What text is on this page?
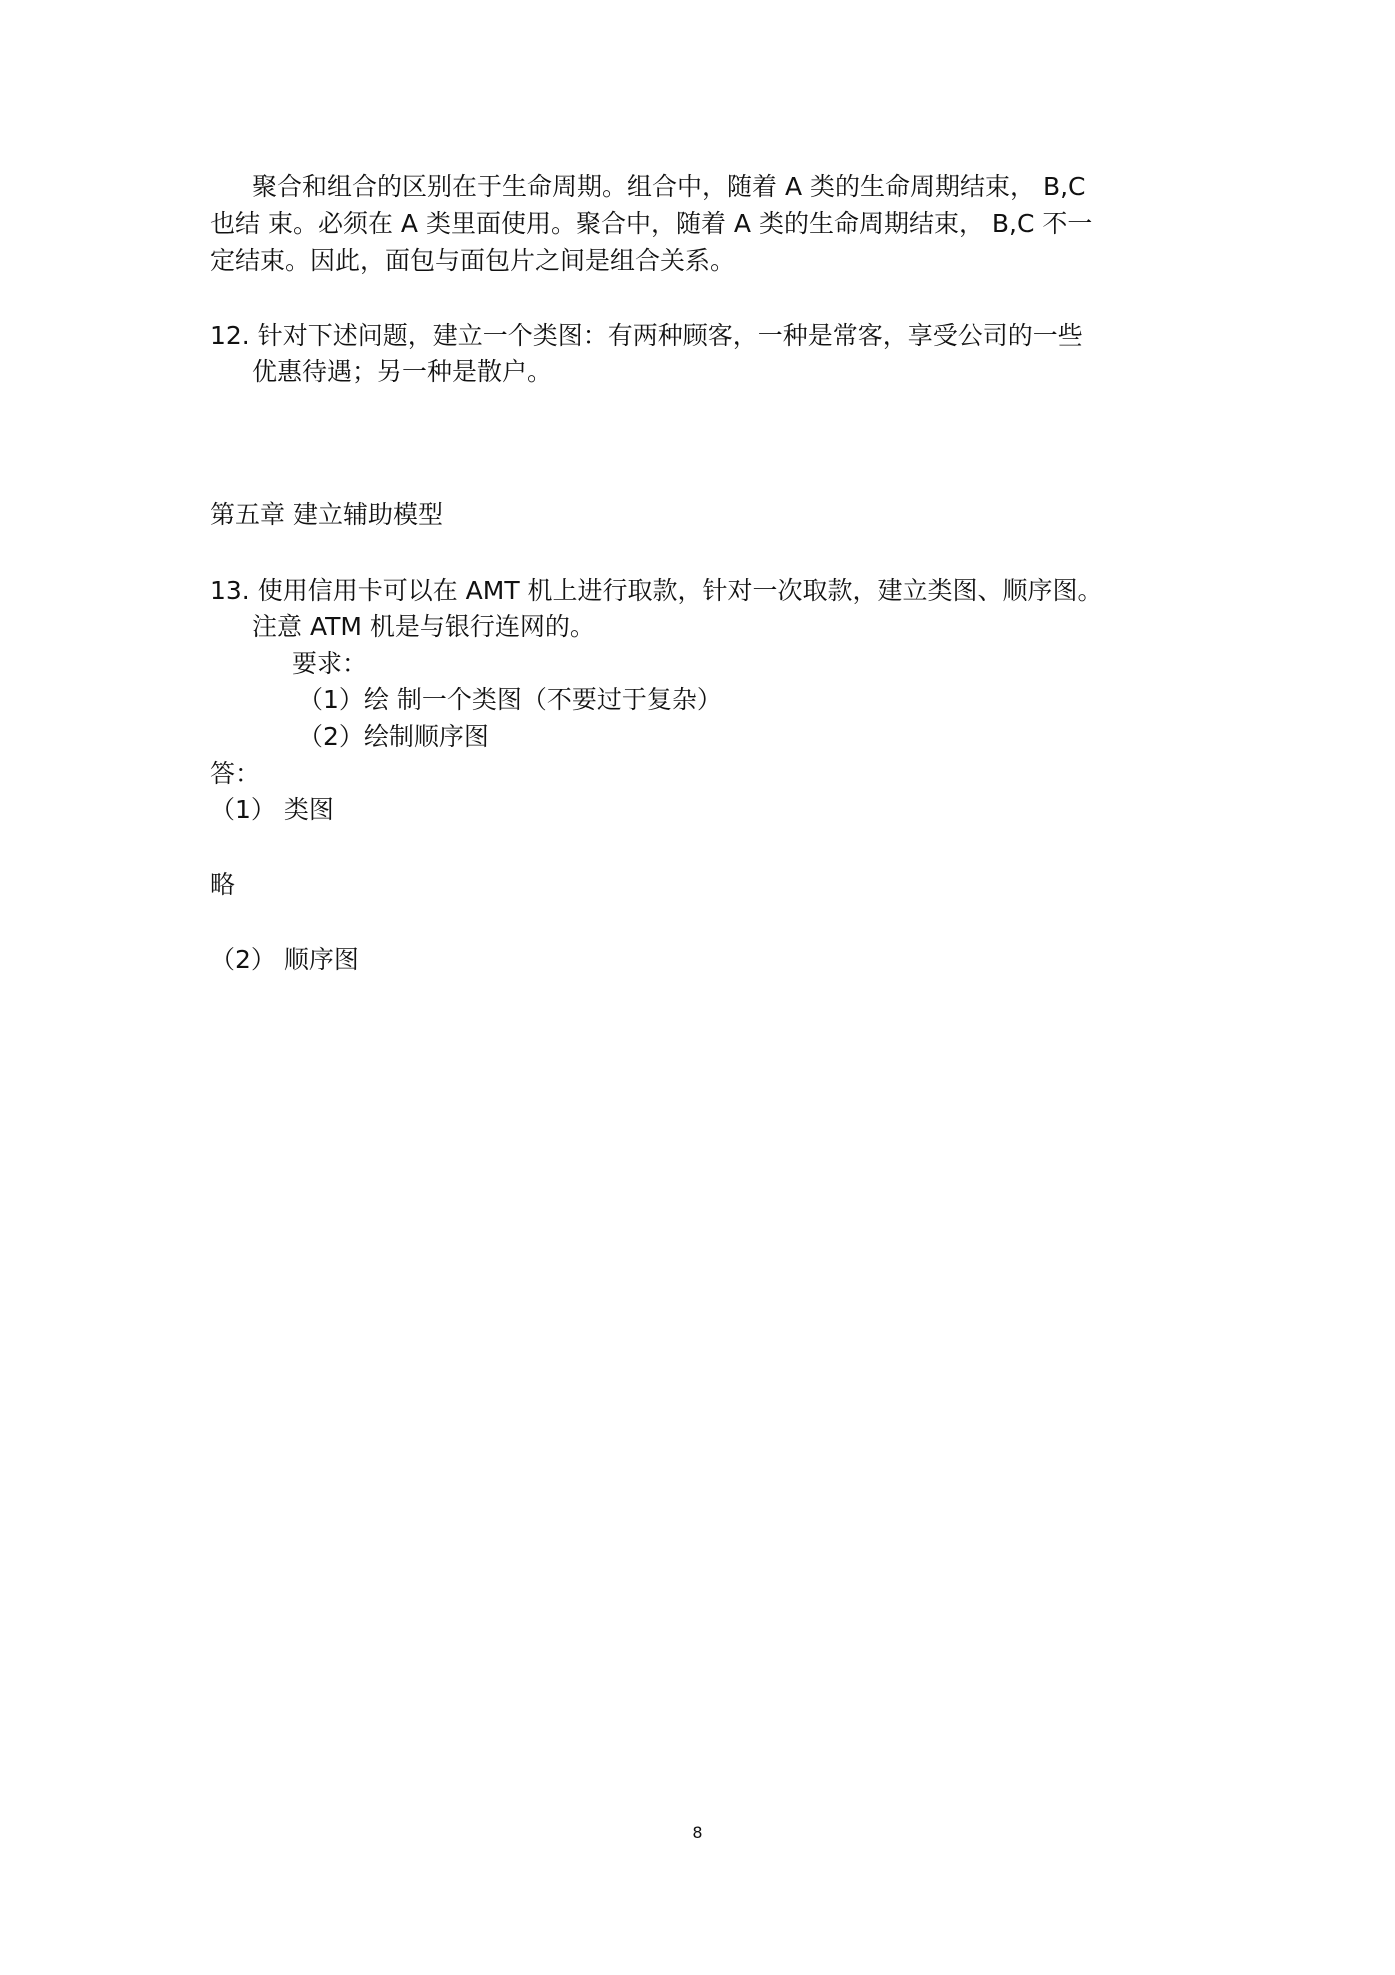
聚合和组合的区别在于生命周期。组合中，随着 A 类的生命周期结束， B,C

也结 束。必须在 A 类里面使用。聚合中，随着 A 类的生命周期结束， B,C 不一

定结束。因此，面包与面包片之间是组合关系。

12. 针对下述问题，建立一个类图：有两种顾客，一种是常客，享受公司的一些

优惠待遇；另一种是散户。

第五章 建立辅助模型

13. 使用信用卡可以在 AMT 机上进行取款，针对一次取款，建立类图、顺序图。

注意 ATM 机是与银行连网的。

要求：

（1）绘 制一个类图（不要过于复杂）

（2）绘制顺序图

答：

（1） 类图

略

（2） 顺序图

8
